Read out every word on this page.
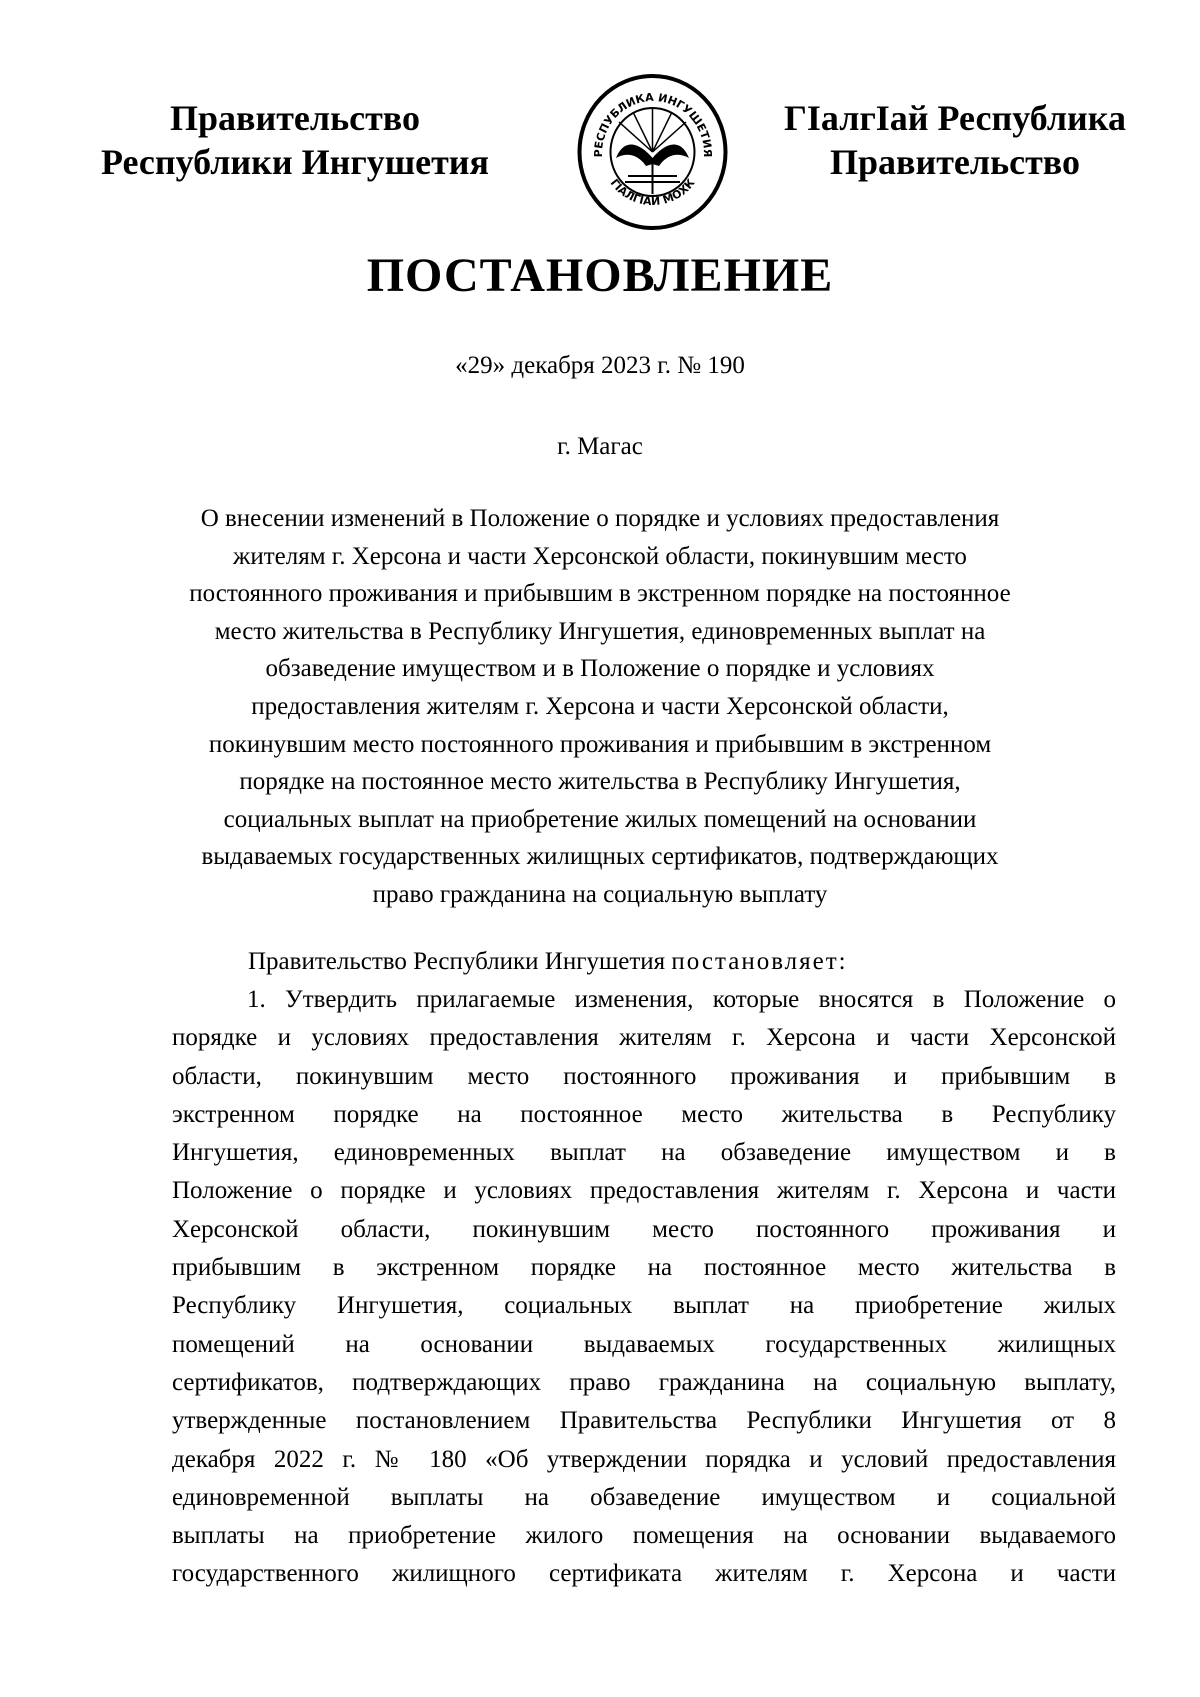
Правительство
Республики Ингушетия	РЕСПУБЛИКА ИНГУШЕТИЯ
ГIАЛГIАЙ МОХК
ГIалгIай Республика
Правительство
ПОСТАНОВЛЕНИЕ
«29» декабря 2023 г. № 190
г. Магас
О внесении изменений в Положение о порядке и условиях предоставления
жителям г. Херсона и части Херсонской области, покинувшим место
постоянного проживания и прибывшим в экстренном порядке на постоянное
место жительства в Республику Ингушетия, единовременных выплат на
обзаведение имуществом и в Положение о порядке и условиях
предоставления жителям г. Херсона и части Херсонской области,
покинувшим место постоянного проживания и прибывшим в экстренном
порядке на постоянное место жительства в Республику Ингушетия,
социальных выплат на приобретение жилых помещений на основании
выдаваемых государственных жилищных сертификатов, подтверждающих
право гражданина на социальную выплату
Правительство Республики Ингушетия постановляет:
1. Утвердить прилагаемые изменения, которые вносятся в Положение о
порядке и условиях предоставления жителям г. Херсона и части Херсонской
области, покинувшим место постоянного проживания и прибывшим в
экстренном порядке на постоянное место жительства в Республику
Ингушетия, единовременных выплат на обзаведение имуществом и в
Положение о порядке и условиях предоставления жителям г. Херсона и части
Херсонской области, покинувшим место постоянного проживания и
прибывшим в экстренном порядке на постоянное место жительства в
Республику Ингушетия, социальных выплат на приобретение жилых
помещений на основании выдаваемых государственных жилищных
сертификатов, подтверждающих право гражданина на социальную выплату,
утвержденные постановлением Правительства Республики Ингушетия от 8
декабря 2022 г. № 180 «Об утверждении порядка и условий предоставления
единовременной выплаты на обзаведение имуществом и социальной
выплаты на приобретение жилого помещения на основании выдаваемого
государственного жилищного сертификата жителям г. Херсона и части
